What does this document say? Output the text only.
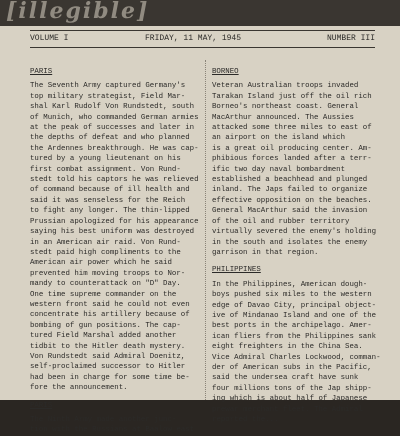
[illegible]
VOLUME I	FRIDAY, 11 MAY, 1945	NUMBER III
PARIS
The Seventh Army captured Germany's
top military strategist, Field Mar-
shal Karl Rudolf Von Rundstedt, south
of Munich, who commanded German armies
at the peak of successes and later in
the depths of defeat and who planned
the Ardennes breakthrough. He was cap-
tured by a young lieutenant on his
first combat assignment. Von Rund-
stedt told his captors he was relieved
of command because of ill health and
said it was senseless for the Reich
to fight any longer. The thin-lipped
Prussian apologized for his appearance
saying his best uniform was destroyed
in an American air raid. Von Rund-
stedt paid high compliments to the
American air power which he said
prevented him moving troops to Nor-
mandy to counterattack on "D" Day.
One time supreme commander on the
western front said he could not even
concentrate his artillery because of
bombing of gun positions. The cap-
tured Field Marshal added another
tidbit to the Hitler death mystery.
Von Rundstedt said Admiral Doenitz,
self-proclaimed successor to Hitler
had been in charge for some time be-
fore the announcement.
PARIS
The Ninth Army made another junc-
tion with the Russians at Baalow east
BORNEO
Veteran Australian troops invaded
Tarakan Island just off the oil rich
Borneo's northeast coast. General
MacArthur announced. The Aussies
attacked some three miles to east of
an airport on the island which
is a great oil producing center. Am-
phibious forces landed after a terr-
ific two day naval bombardment
established a beachhead and plunged
inland. The Japs failed to organize
effective opposition on the beaches.
General MacArthur said the invasion
of the oil and rubber territory
virtually severed the enemy's holding
in the south and isolates the enemy
garrison in that region.
PHILIPPINES
In the Philippines, American dough-
boys pushed six miles to the western
edge of Davao City, principal object-
ive of Mindanao Island and one of the
best ports in the archipelago. Amer-
ican fliers from the Philippines sank
eight freighters in the China Sea.
Vice Admiral Charles Lockwood, comman-
der of American subs in the Pacific,
said the undersea craft have sunk
four millions tons of the Jap shipp-
ing which is about half of Japanese
prewar merchant fleet. The Admiral
reported the...
